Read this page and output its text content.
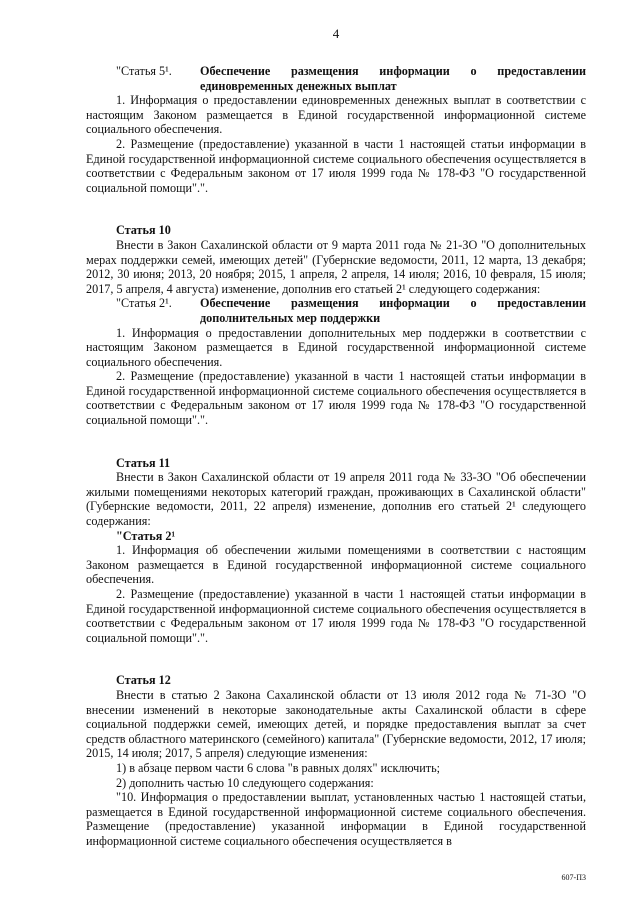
4
"Статья 5¹.	Обеспечение размещения информации о предоставлении единовременных денежных выплат

1. Информация о предоставлении единовременных денежных выплат в соответствии с настоящим Законом размещается в Единой государственной информационной системе социального обеспечения.

2. Размещение (предоставление) указанной в части 1 настоящей статьи информации в Единой государственной информационной системе социального обеспечения осуществляется в соответствии с Федеральным законом от 17 июля 1999 года № 178-ФЗ "О государственной социальной помощи".".

Статья 10

Внести в Закон Сахалинской области от 9 марта 2011 года № 21-ЗО "О дополнительных мерах поддержки семей, имеющих детей" (Губернские ведомости, 2011, 12 марта, 13 декабря; 2012, 30 июня; 2013, 20 ноября; 2015, 1 апреля, 2 апреля, 14 июля; 2016, 10 февраля, 15 июля; 2017, 5 апреля, 4 августа) изменение, дополнив его статьей 2¹ следующего содержания:

"Статья 2¹.	Обеспечение размещения информации о предоставлении дополнительных мер поддержки

1. Информация о предоставлении дополнительных мер поддержки в соответствии с настоящим Законом размещается в Единой государственной информационной системе социального обеспечения.

2. Размещение (предоставление) указанной в части 1 настоящей статьи информации в Единой государственной информационной системе социального обеспечения осуществляется в соответствии с Федеральным законом от 17 июля 1999 года № 178-ФЗ "О государственной социальной помощи".".

Статья 11

Внести в Закон Сахалинской области от 19 апреля 2011 года № 33-ЗО "Об обеспечении жилыми помещениями некоторых категорий граждан, проживающих в Сахалинской области" (Губернские ведомости, 2011, 22 апреля) изменение, дополнив его статьей 2¹ следующего содержания:

"Статья 2¹

1. Информация об обеспечении жилыми помещениями в соответствии с настоящим Законом размещается в Единой государственной информационной системе социального обеспечения.

2. Размещение (предоставление) указанной в части 1 настоящей статьи информации в Единой государственной информационной системе социального обеспечения осуществляется в соответствии с Федеральным законом от 17 июля 1999 года № 178-ФЗ "О государственной социальной помощи".".

Статья 12

Внести в статью 2 Закона Сахалинской области от 13 июля 2012 года № 71-ЗО "О внесении изменений в некоторые законодательные акты Сахалинской области в сфере социальной поддержки семей, имеющих детей, и порядке предоставления выплат за счет средств областного материнского (семейного) капитала" (Губернские ведомости, 2012, 17 июля; 2015, 14 июля; 2017, 5 апреля) следующие изменения:

1) в абзаце первом части 6 слова "в равных долях" исключить;

2) дополнить частью 10 следующего содержания:

"10. Информация о предоставлении выплат, установленных частью 1 настоящей статьи, размещается в Единой государственной информационной системе социального обеспечения. Размещение (предоставление) указанной информации в Единой государственной информационной системе социального обеспечения осуществляется в

607-П3
